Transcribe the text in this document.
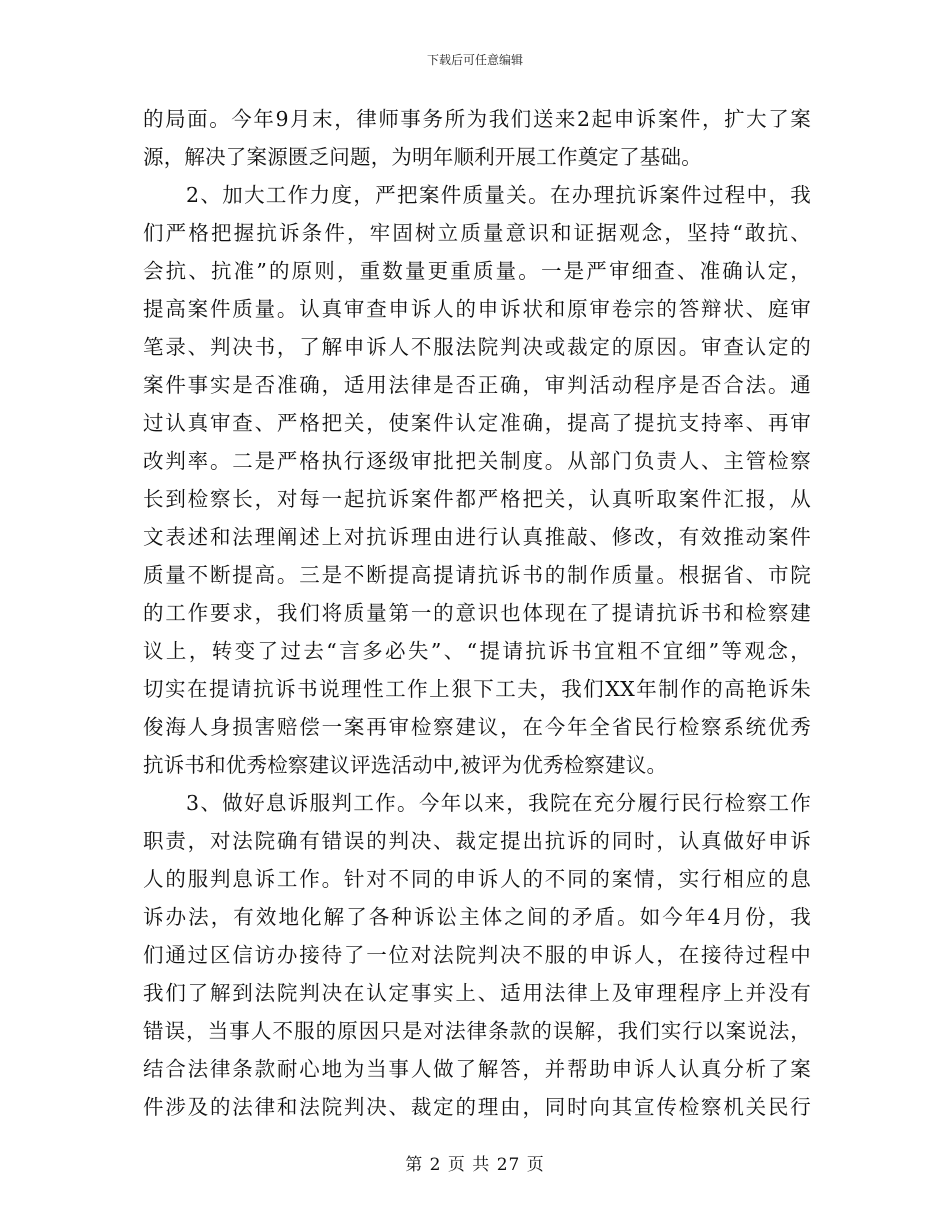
下载后可任意编辑
的局面。今年9月末，律师事务所为我们送来2起申诉案件，扩大了案
源，解决了案源匮乏问题，为明年顺利开展工作奠定了基础。
2、加大工作力度，严把案件质量关。在办理抗诉案件过程中，我
们严格把握抗诉条件，牢固树立质量意识和证据观念，坚持“敢抗、
会抗、抗准”的原则，重数量更重质量。一是严审细查、准确认定，
提高案件质量。认真审查申诉人的申诉状和原审卷宗的答辩状、庭审
笔录、判决书，了解申诉人不服法院判决或裁定的原因。审查认定的
案件事实是否准确，适用法律是否正确，审判活动程序是否合法。通
过认真审查、严格把关，使案件认定准确，提高了提抗支持率、再审
改判率。二是严格执行逐级审批把关制度。从部门负责人、主管检察
长到检察长，对每一起抗诉案件都严格把关，认真听取案件汇报，从
文表述和法理阐述上对抗诉理由进行认真推敲、修改，有效推动案件
质量不断提高。三是不断提高提请抗诉书的制作质量。根据省、市院
的工作要求，我们将质量第一的意识也体现在了提请抗诉书和检察建
议上，转变了过去“言多必失”、“提请抗诉书宜粗不宜细”等观念，
切实在提请抗诉书说理性工作上狠下工夫，我们XX年制作的高艳诉朱
俊海人身损害赔偿一案再审检察建议，在今年全省民行检察系统优秀
抗诉书和优秀检察建议评选活动中,被评为优秀检察建议。
3、做好息诉服判工作。今年以来，我院在充分履行民行检察工作
职责，对法院确有错误的判决、裁定提出抗诉的同时，认真做好申诉
人的服判息诉工作。针对不同的申诉人的不同的案情，实行相应的息
诉办法，有效地化解了各种诉讼主体之间的矛盾。如今年4月份，我
们通过区信访办接待了一位对法院判决不服的申诉人，在接待过程中
我们了解到法院判决在认定事实上、适用法律上及审理程序上并没有
错误，当事人不服的原因只是对法律条款的误解，我们实行以案说法，
结合法律条款耐心地为当事人做了解答，并帮助申诉人认真分析了案
件涉及的法律和法院判决、裁定的理由，同时向其宣传检察机关民行
第 2 页 共 27 页
